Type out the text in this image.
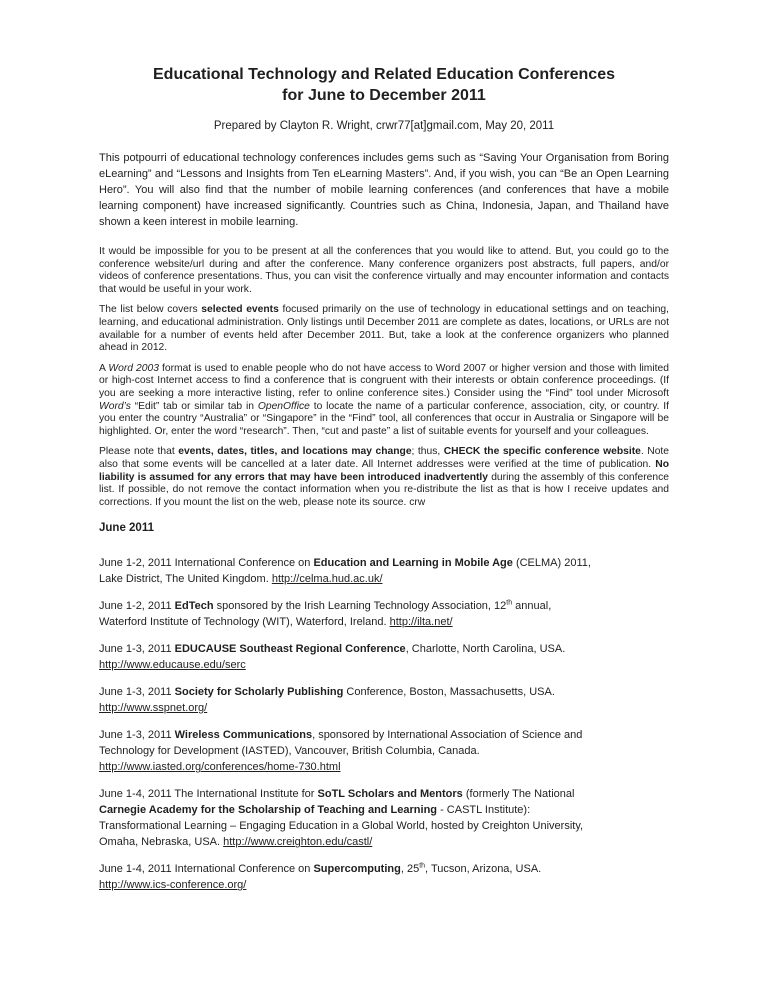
Educational Technology and Related Education Conferences
for June to December 2011

Prepared by Clayton R. Wright, crwr77[at]gmail.com, May 20, 2011

This potpourri of educational technology conferences includes gems such as “Saving Your Organisation from Boring eLearning” and “Lessons and Insights from Ten eLearning Masters”. And, if you wish, you can “Be an Open Learning Hero”. You will also find that the number of mobile learning conferences (and conferences that have a mobile learning component) have increased significantly. Countries such as China, Indonesia, Japan, and Thailand have shown a keen interest in mobile learning.

It would be impossible for you to be present at all the conferences that you would like to attend. But, you could go to the conference website/url during and after the conference. Many conference organizers post abstracts, full papers, and/or videos of conference presentations. Thus, you can visit the conference virtually and may encounter information and contacts that would be useful in your work.

The list below covers selected events focused primarily on the use of technology in educational settings and on teaching, learning, and educational administration. Only listings until December 2011 are complete as dates, locations, or URLs are not available for a number of events held after December 2011. But, take a look at the conference organizers who planned ahead in 2012.

A Word 2003 format is used to enable people who do not have access to Word 2007 or higher version and those with limited or high-cost Internet access to find a conference that is congruent with their interests or obtain conference proceedings. (If you are seeking a more interactive listing, refer to online conference sites.) Consider using the “Find” tool under Microsoft Word’s “Edit” tab or similar tab in OpenOffice to locate the name of a particular conference, association, city, or country. If you enter the country “Australia” or “Singapore” in the “Find” tool, all conferences that occur in Australia or Singapore will be highlighted. Or, enter the word “research”. Then, “cut and paste” a list of suitable events for yourself and your colleagues.

Please note that events, dates, titles, and locations may change; thus, CHECK the specific conference website. Note also that some events will be cancelled at a later date. All Internet addresses were verified at the time of publication. No liability is assumed for any errors that may have been introduced inadvertently during the assembly of this conference list. If possible, do not remove the contact information when you re-distribute the list as that is how I receive updates and corrections. If you mount the list on the web, please note its source. crw

June 2011

June 1-2, 2011 International Conference on Education and Learning in Mobile Age (CELMA) 2011,
Lake District, The United Kingdom. http://celma.hud.ac.uk/

June 1-2, 2011 EdTech sponsored by the Irish Learning Technology Association, 12th annual,
Waterford Institute of Technology (WIT), Waterford, Ireland. http://ilta.net/

June 1-3, 2011 EDUCAUSE Southeast Regional Conference, Charlotte, North Carolina, USA.
http://www.educause.edu/serc

June 1-3, 2011 Society for Scholarly Publishing Conference, Boston, Massachusetts, USA.
http://www.sspnet.org/

June 1-3, 2011 Wireless Communications, sponsored by International Association of Science and
Technology for Development (IASTED), Vancouver, British Columbia, Canada.
http://www.iasted.org/conferences/home-730.html

June 1-4, 2011 The International Institute for SoTL Scholars and Mentors (formerly The National
Carnegie Academy for the Scholarship of Teaching and Learning - CASTL Institute):
Transformational Learning – Engaging Education in a Global World, hosted by Creighton University,
Omaha, Nebraska, USA. http://www.creighton.edu/castl/

June 1-4, 2011 International Conference on Supercomputing, 25th, Tucson, Arizona, USA.
http://www.ics-conference.org/
